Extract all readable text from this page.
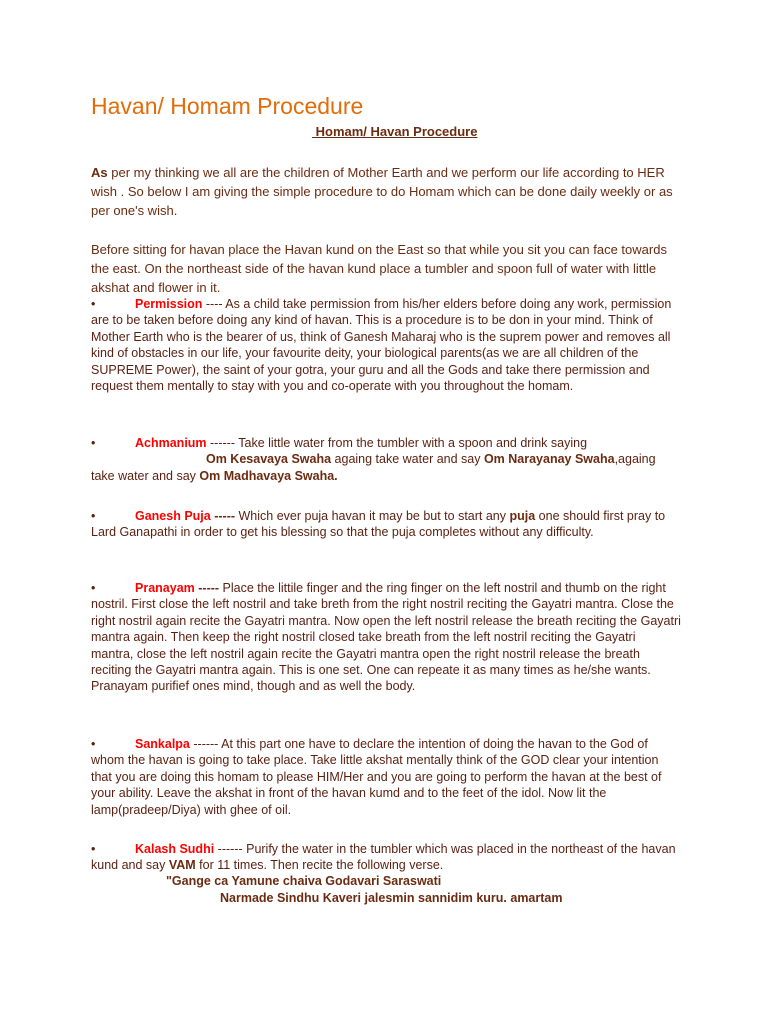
Havan/ Homam Procedure
Homam/ Havan Procedure

As per my thinking we all are the children of Mother Earth and we perform our life according to HER wish . So below I am giving the simple procedure to do Homam which can be done daily weekly or as per one's wish.

Before sitting for havan place the Havan kund on the East so that while you sit you can face towards the east. On the northeast side of the havan kund place a tumbler and spoon full of water with little akshat and flower in it.

•	Permission ---- As a child take permission from his/her elders before doing any work, permission are to be taken before doing any kind of havan. This is a procedure is to be don in your mind. Think of Mother Earth who is the bearer of us, think of Ganesh Maharaj who is the suprem power and removes all kind of obstacles in our life, your favourite deity, your biological parents(as we are all children of the SUPREME Power), the saint of your gotra, your guru and all the Gods and take there permission and request them mentally to stay with you and co-operate with you throughout the homam.

•	Achmanium ------ Take little water from the tumbler with a spoon and drink saying
Om Kesavaya Swaha againg take water and say Om Narayanay Swaha,againg take water and say Om Madhavaya Swaha.

•	Ganesh Puja ----- Which ever puja havan it may be but to start any puja one should first pray to Lard Ganapathi in order to get his blessing so that the puja completes without any difficulty.

•	Pranayam ----- Place the littile finger and the ring finger on the left nostril and thumb on the right nostril. First close the left nostril and take breth from the right nostril reciting the Gayatri mantra. Close the right nostril again recite the Gayatri mantra. Now open the left nostril release the breath reciting the Gayatri mantra again. Then keep the right nostril closed take breath from the left nostril reciting the Gayatri mantra, close the left nostril again recite the Gayatri mantra open the right nostril release the breath reciting the Gayatri mantra again. This is one set. One can repeate it as many times as he/she wants. Pranayam purifief ones mind, though and as well the body.

•	Sankalpa ------ At this part one have to declare the intention of doing the havan to the God of whom the havan is going to take place. Take little akshat mentally think of the GOD clear your intention that you are doing this homam to please HIM/Her and you are going to perform the havan at the best of your ability. Leave the akshat in front of the havan kumd and to the feet of the idol. Now lit the lamp(pradeep/Diya) with ghee of oil.

•	Kalash Sudhi ------ Purify the water in the tumbler which was placed in the northeast of the havan kund and say VAM for 11 times. Then recite the following verse.

"Gange ca Yamune chaiva Godavari Saraswati
Narmade Sindhu Kaveri jalesmin sannidim kuru. amartam
